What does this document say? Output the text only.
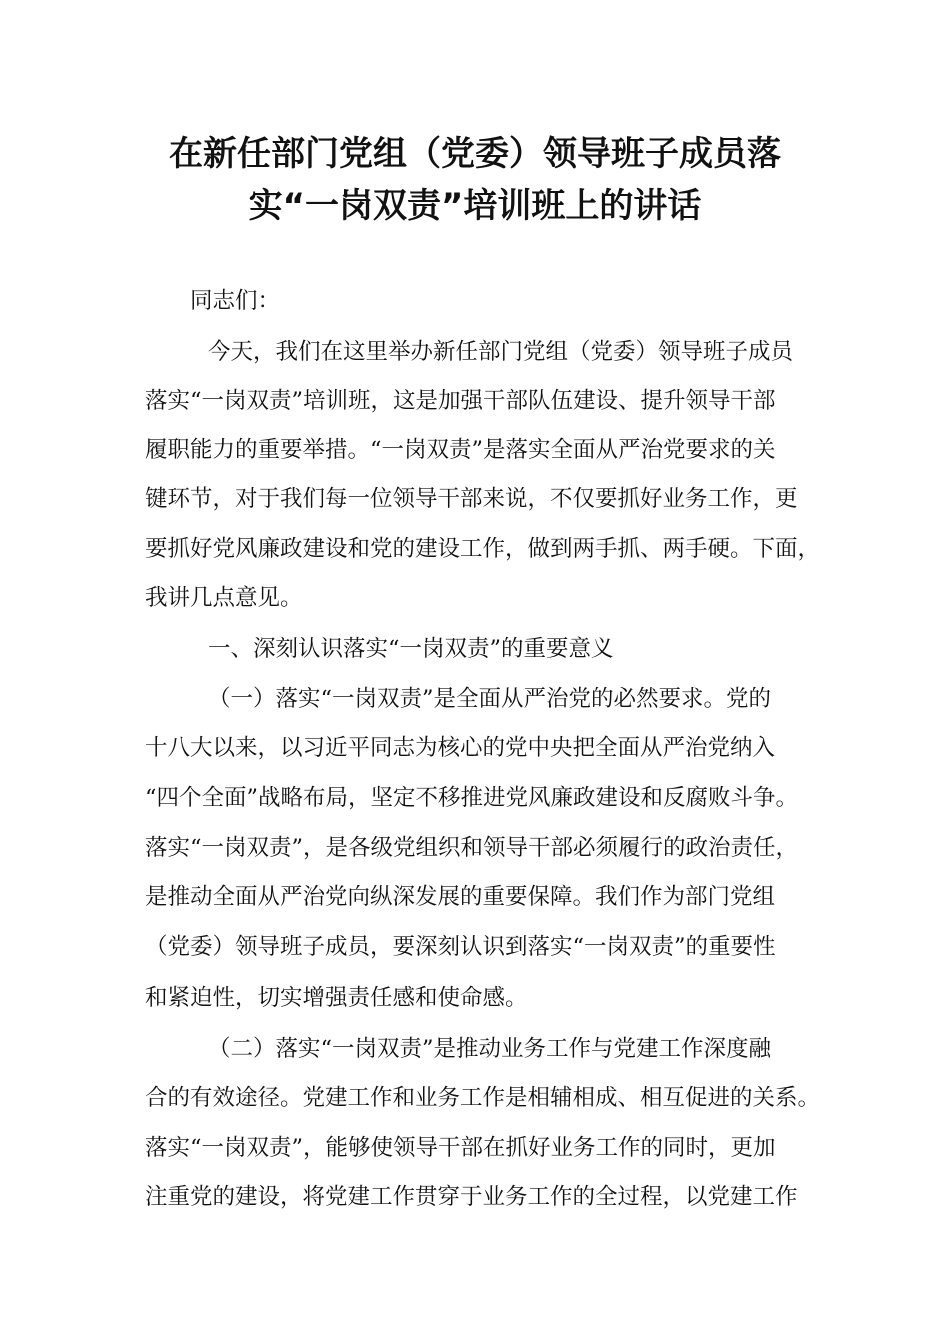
在新任部门党组（党委）领导班子成员落
实“一岗双责”培训班上的讲话

同志们：

今天，我们在这里举办新任部门党组（党委）领导班子成员

落实“一岗双责”培训班，这是加强干部队伍建设、提升领导干部

履职能力的重要举措。“一岗双责”是落实全面从严治党要求的关

键环节，对于我们每一位领导干部来说，不仅要抓好业务工作，更

要抓好党风廉政建设和党的建设工作，做到两手抓、两手硬。下面，

我讲几点意见。

一、深刻认识落实“一岗双责”的重要意义

（一）落实“一岗双责”是全面从严治党的必然要求。党的

十八大以来，以习近平同志为核心的党中央把全面从严治党纳入

“四个全面”战略布局，坚定不移推进党风廉政建设和反腐败斗争。

落实“一岗双责”，是各级党组织和领导干部必须履行的政治责任，

是推动全面从严治党向纵深发展的重要保障。我们作为部门党组

（党委）领导班子成员，要深刻认识到落实“一岗双责”的重要性

和紧迫性，切实增强责任感和使命感。

（二）落实“一岗双责”是推动业务工作与党建工作深度融

合的有效途径。党建工作和业务工作是相辅相成、相互促进的关系。

落实“一岗双责”，能够使领导干部在抓好业务工作的同时，更加

注重党的建设，将党建工作贯穿于业务工作的全过程，以党建工作
